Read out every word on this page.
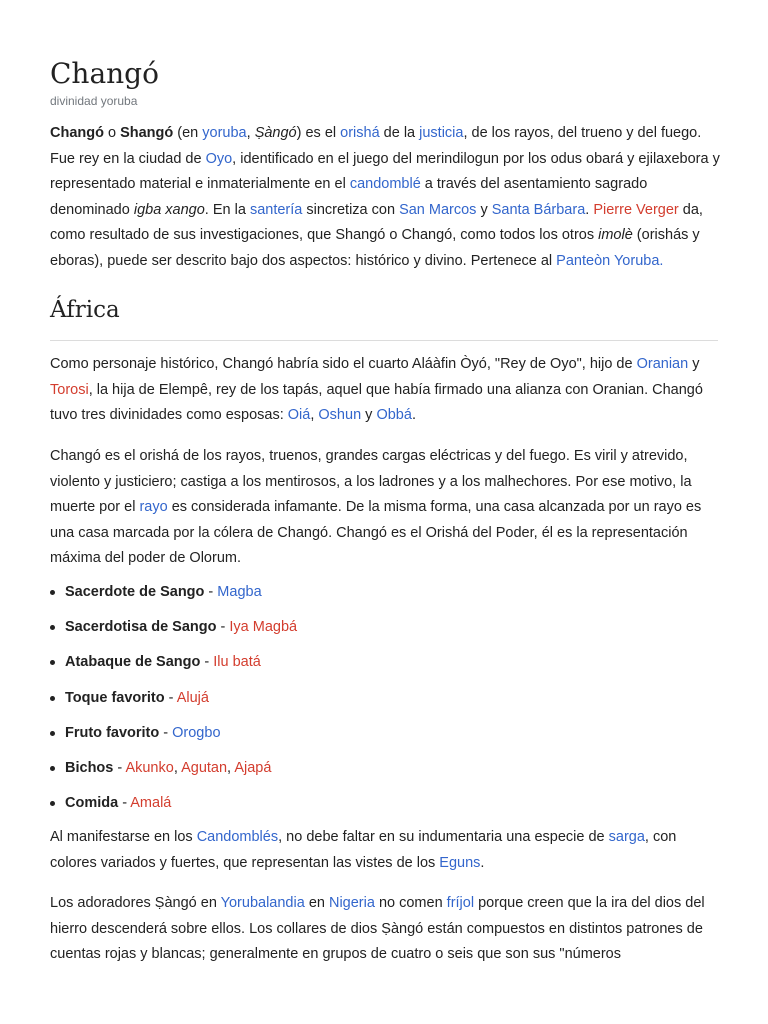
Changó
divinidad yoruba

Changó o Shangó (en yoruba, Ṣàngó) es el orishá de la justicia, de los rayos, del trueno y del fuego. Fue rey en la ciudad de Oyo, identificado en el juego del merindilogun por los odus obará y ejilaxebora y representado material e inmaterialmente en el candomblé a través del asentamiento sagrado denominado igba xango. En la santería sincretiza con San Marcos y Santa Bárbara. Pierre Verger da, como resultado de sus investigaciones, que Shangó o Changó, como todos los otros imolè (orishás y eboras), puede ser descrito bajo dos aspectos: histórico y divino. Pertenece al Panteòn Yoruba.

África

Como personaje histórico, Changó habría sido el cuarto Aláàfin Òyó, "Rey de Oyo", hijo de Oranian y Torosi, la hija de Elempê, rey de los tapás, aquel que había firmado una alianza con Oranian. Changó tuvo tres divinidades como esposas: Oiá, Oshun y Obbá.

Changó es el orishá de los rayos, truenos, grandes cargas eléctricas y del fuego. Es viril y atrevido, violento y justiciero; castiga a los mentirosos, a los ladrones y a los malhechores. Por ese motivo, la muerte por el rayo es considerada infamante. De la misma forma, una casa alcanzada por un rayo es una casa marcada por la cólera de Changó. Changó es el Orishá del Poder, él es la representación máxima del poder de Olorum.

Sacerdote de Sango - Magba
Sacerdotisa de Sango - Iya Magbá
Atabaque de Sango - Ilu batá
Toque favorito - Alujá
Fruto favorito - Orogbo
Bichos - Akunko, Agutan, Ajapá
Comida - Amalá

Al manifestarse en los Candomblés, no debe faltar en su indumentaria una especie de sarga, con colores variados y fuertes, que representan las vistes de los Eguns.

Los adoradores Ṣàngó en Yorubalandia en Nigeria no comen fríjol porque creen que la ira del dios del hierro descenderá sobre ellos. Los collares de dios Ṣàngó están compuestos en distintos patrones de cuentas rojas y blancas; generalmente en grupos de cuatro o seis que son sus "números
